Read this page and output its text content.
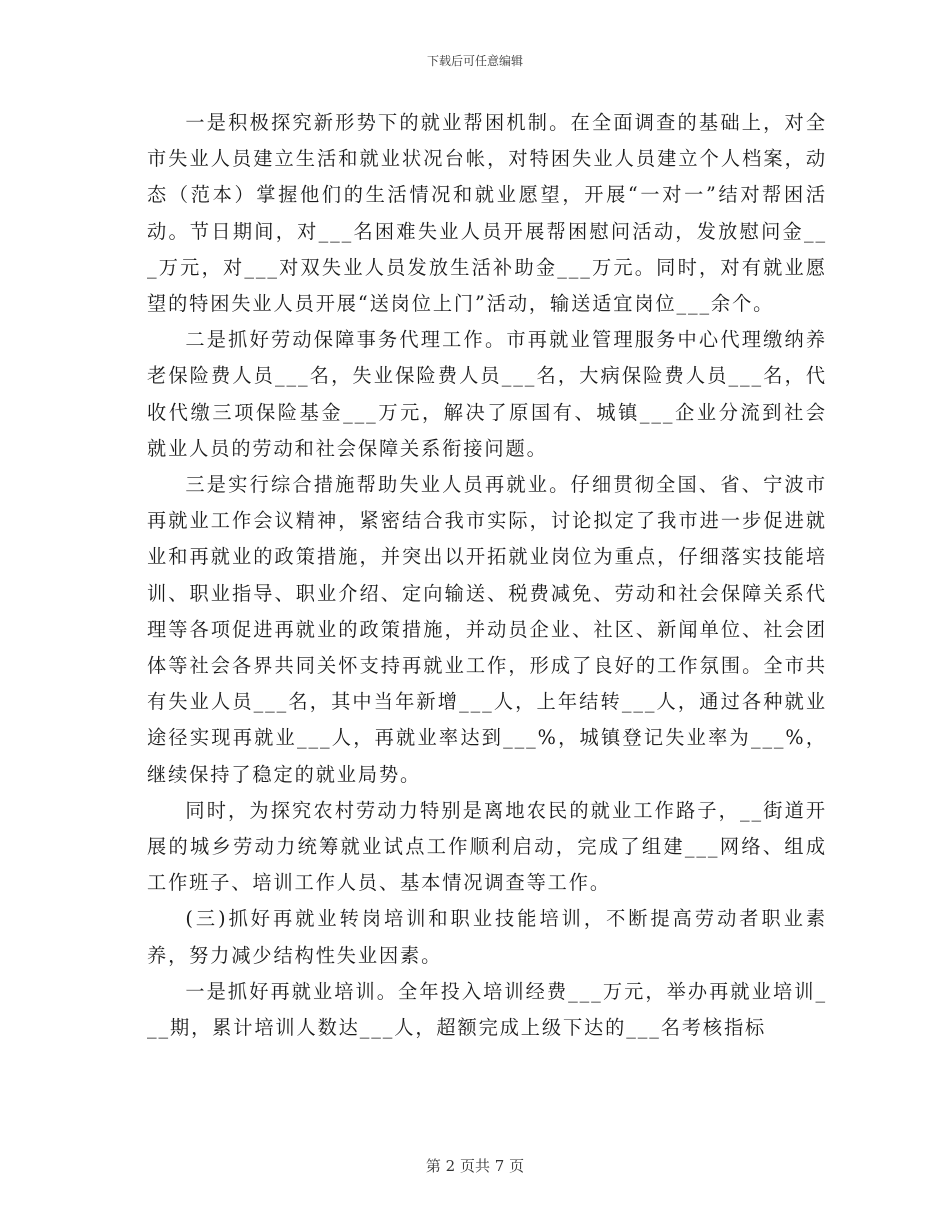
下载后可任意编辑

一是积极探究新形势下的就业帮困机制。在全面调查的基础上，对全市失业人员建立生活和就业状况台帐，对特困失业人员建立个人档案，动态（范本）掌握他们的生活情况和就业愿望，开展“一对一”结对帮困活动。节日期间，对___名困难失业人员开展帮困慰问活动，发放慰问金___万元，对___对双失业人员发放生活补助金___万元。同时，对有就业愿望的特困失业人员开展“送岗位上门”活动，输送适宜岗位___余个。

二是抓好劳动保障事务代理工作。市再就业管理服务中心代理缴纳养老保险费人员___名，失业保险费人员___名，大病保险费人员___名，代收代缴三项保险基金___万元，解决了原国有、城镇___企业分流到社会就业人员的劳动和社会保障关系衔接问题。

三是实行综合措施帮助失业人员再就业。仔细贯彻全国、省、宁波市再就业工作会议精神，紧密结合我市实际，讨论拟定了我市进一步促进就业和再就业的政策措施，并突出以开拓就业岗位为重点，仔细落实技能培训、职业指导、职业介绍、定向输送、税费减免、劳动和社会保障关系代理等各项促进再就业的政策措施，并动员企业、社区、新闻单位、社会团体等社会各界共同关怀支持再就业工作，形成了良好的工作氛围。全市共有失业人员___名，其中当年新增___人，上年结转___人，通过各种就业途径实现再就业___人，再就业率达到___%，城镇登记失业率为___%，继续保持了稳定的就业局势。

同时，为探究农村劳动力特别是离地农民的就业工作路子，__街道开展的城乡劳动力统筹就业试点工作顺利启动，完成了组建___网络、组成工作班子、培训工作人员、基本情况调查等工作。

(三)抓好再就业转岗培训和职业技能培训，不断提高劳动者职业素养，努力减少结构性失业因素。

一是抓好再就业培训。全年投入培训经费___万元，举办再就业培训___期，累计培训人数达___人，超额完成上级下达的___名考核指标

第 2 页共 7 页
